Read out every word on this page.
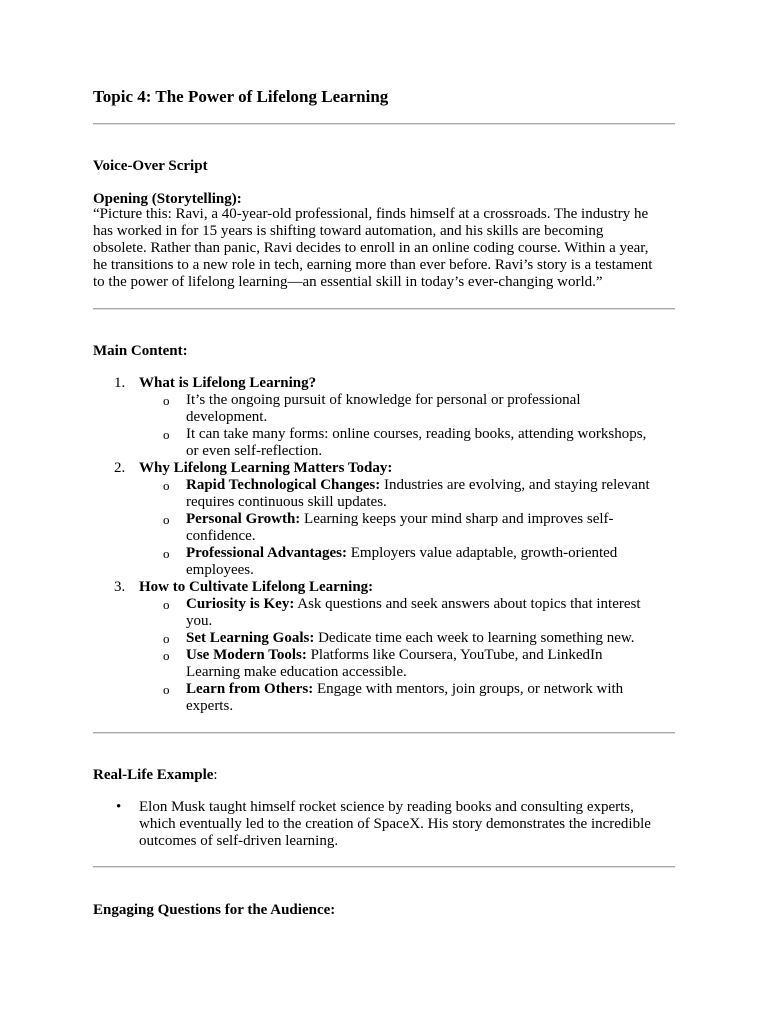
Topic 4: The Power of Lifelong Learning
Voice-Over Script
Opening (Storytelling):
“Picture this: Ravi, a 40-year-old professional, finds himself at a crossroads. The industry he
has worked in for 15 years is shifting toward automation, and his skills are becoming
obsolete. Rather than panic, Ravi decides to enroll in an online coding course. Within a year,
he transitions to a new role in tech, earning more than ever before. Ravi’s story is a testament
to the power of lifelong learning—an essential skill in today’s ever-changing world.”
Main Content:
1. What is Lifelong Learning?
o It’s the ongoing pursuit of knowledge for personal or professional
development.
o It can take many forms: online courses, reading books, attending workshops,
or even self-reflection.
2. Why Lifelong Learning Matters Today:
o Rapid Technological Changes: Industries are evolving, and staying relevant
requires continuous skill updates.
o Personal Growth: Learning keeps your mind sharp and improves self-
confidence.
o Professional Advantages: Employers value adaptable, growth-oriented
employees.
3. How to Cultivate Lifelong Learning:
o Curiosity is Key: Ask questions and seek answers about topics that interest
you.
o Set Learning Goals: Dedicate time each week to learning something new.
o Use Modern Tools: Platforms like Coursera, YouTube, and LinkedIn
Learning make education accessible.
o Learn from Others: Engage with mentors, join groups, or network with
experts.
Real-Life Example:
• Elon Musk taught himself rocket science by reading books and consulting experts,
which eventually led to the creation of SpaceX. His story demonstrates the incredible
outcomes of self-driven learning.
Engaging Questions for the Audience:
